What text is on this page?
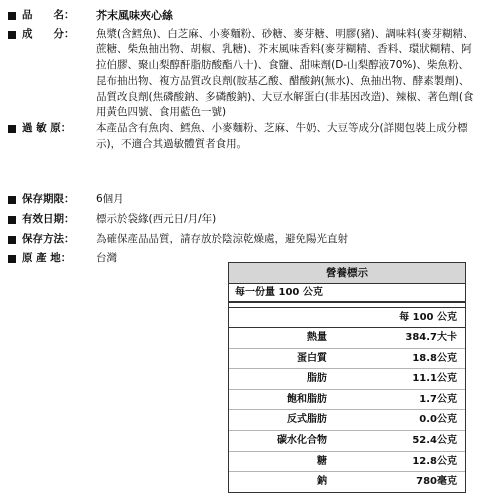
品　　名：	芥末風味夾心絲
成　　分：	魚漿(含鱈魚)、白芝麻、小麥麵粉、砂糖、麥芽糖、明膠(豬)、調味料(麥芽糊精、蔗糖、柴魚抽出物、胡椒、乳糖)、芥末風味香料(麥芽糊精、香料、環狀糊精、阿拉伯膠、聚山梨醇酐脂肪酸酯八十)、食鹽、甜味劑(D-山梨醇液70%)、柴魚粉、昆布抽出物、複方品質改良劑(胺基乙酸、醋酸鈉(無水)、魚抽出物、酵素製劑)、品質改良劑(焦磷酸鈉、多磷酸鈉)、大豆水解蛋白(非基因改造)、辣椒、著色劑(食用黃色四號、食用藍色一號)
過 敏 原：	本產品含有魚肉、鱈魚、小麥麵粉、芝麻、牛奶、大豆等成分(詳閱包裝上成分標示)，不適合其過敏體質者食用。
保存期限：	6個月
有效日期：	標示於袋緣(西元日/月/年)
保存方法：	為確保產品品質，請存放於陰涼乾燥處，避免陽光直射
原 產 地：	台灣
營養標示
每一份量 100 公克
每 100 公克
熱量	384.7大卡
蛋白質	18.8公克
脂肪	11.1公克
飽和脂肪	1.7公克
反式脂肪	0.0公克
碳水化合物	52.4公克
糖	12.8公克
鈉	780毫克
